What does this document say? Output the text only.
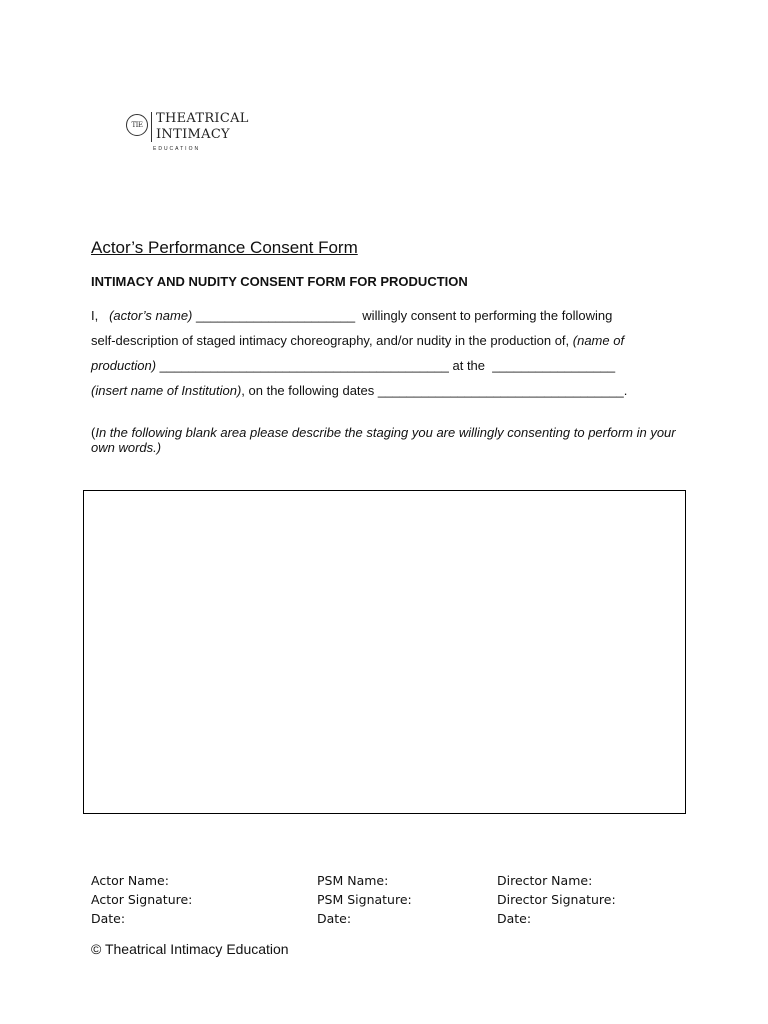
TIE	THEATRICAL
INTIMACY
EDUCATION
Actor’s Performance Consent Form
INTIMACY AND NUDITY CONSENT FORM FOR PRODUCTION
I,   (actor’s name) ______________________  willingly consent to performing the following
self-description of staged intimacy choreography, and/or nudity in the production of, (name of
production) ________________________________________ at the  _________________
(insert name of Institution), on the following dates __________________________________.
(In the following blank area please describe the staging you are willingly consenting to perform in your own words.)
Actor Name:
Actor Signature:
Date:
PSM Name:
PSM Signature:
Date:
Director Name:
Director Signature:
Date:
© Theatrical Intimacy Education
